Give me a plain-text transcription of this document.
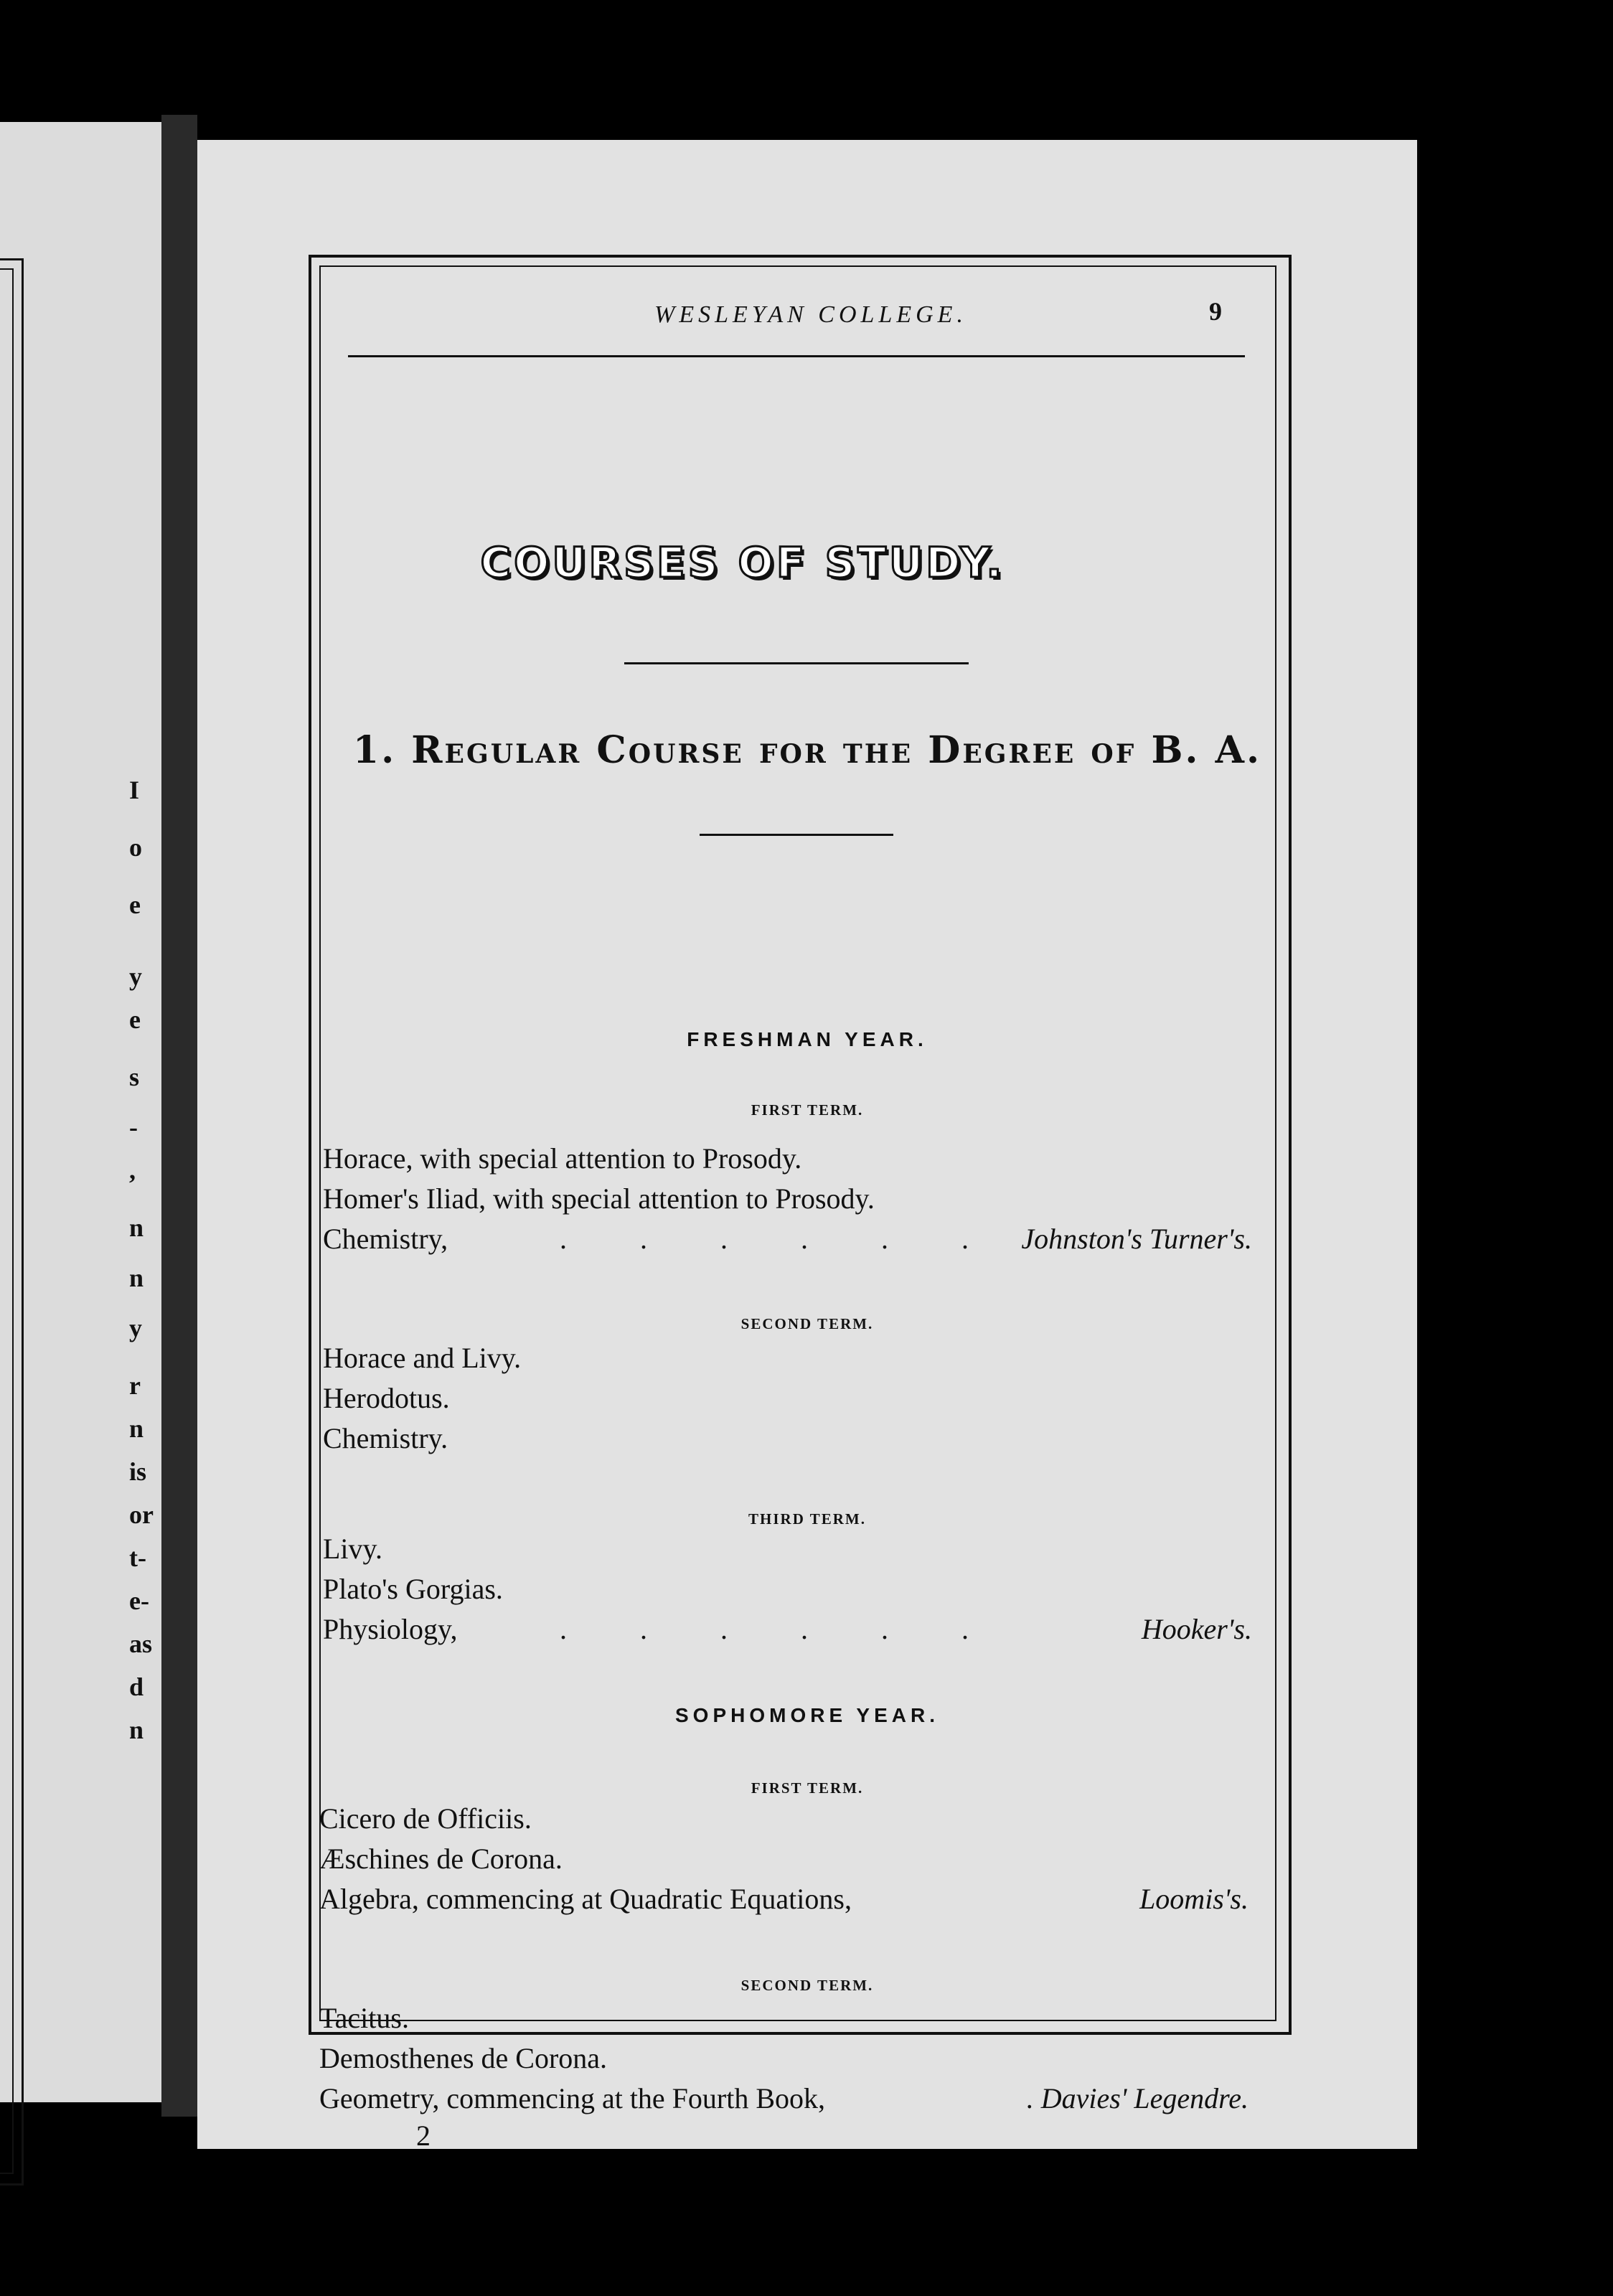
I
o
e
y
e
s
-
,
n
n
y
r
n
is
or
t-
e-
as
d
n
WESLEYAN COLLEGE.	9
COURSES OF STUDY.
1. Regular Course for the Degree of B. A.
FRESHMAN YEAR.
FIRST TERM.
Horace, with special attention to Prosody.
Homer's Iliad, with special attention to Prosody.
Chemistry,	. . . . . . Johnston's Turner's.
SECOND TERM.
Horace and Livy.
Herodotus.
Chemistry.
THIRD TERM.
Livy.
Plato's Gorgias.
Physiology,	. . . . . .	Hooker's.
SOPHOMORE YEAR.
FIRST TERM.
Cicero de Officiis.
Æschines de Corona.
Algebra, commencing at Quadratic Equations,	Loomis's.
SECOND TERM.
Tacitus.
Demosthenes de Corona.
Geometry, commencing at the Fourth Book,	. Davies' Legendre.
2
